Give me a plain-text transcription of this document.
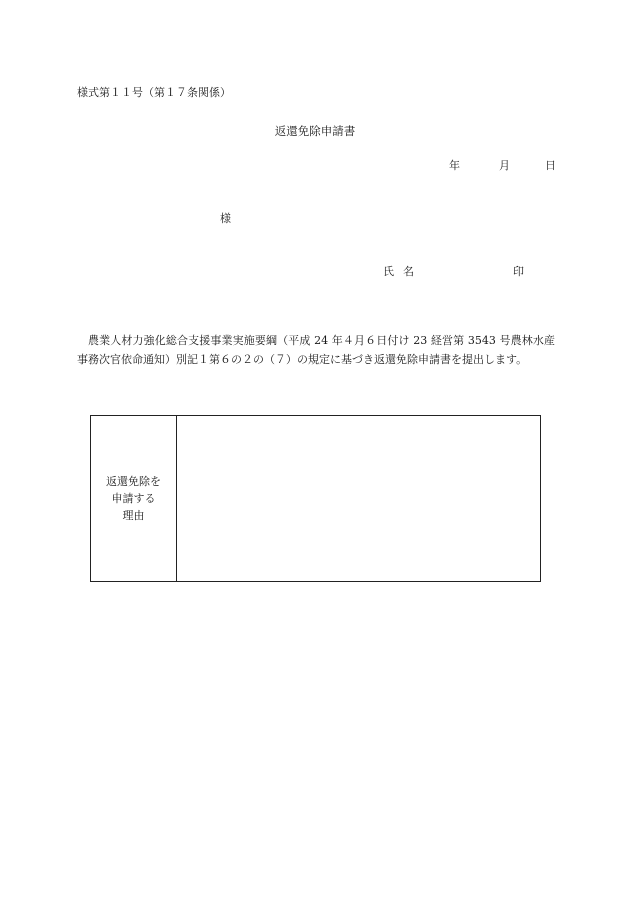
様式第１１号（第１７条関係）
返還免除申請書
年	月	日
様
氏名	印
農業人材力強化総合支援事業実施要綱（平成 24 年４月６日付け 23 経営第 3543 号農林水産事務次官依命通知）別記１第６の２の（７）の規定に基づき返還免除申請書を提出します。
返還免除を
申請する
理由
